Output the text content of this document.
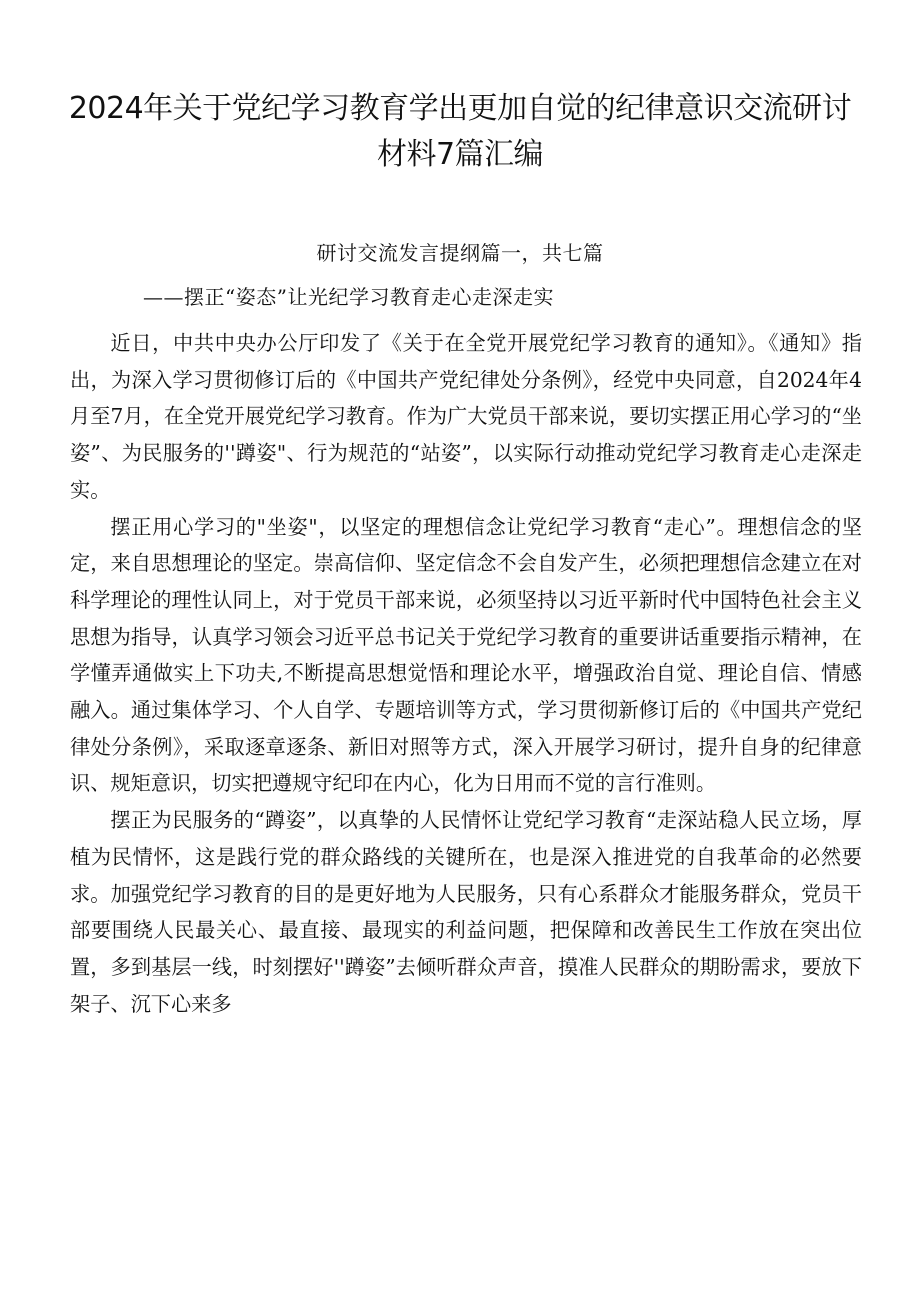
2024年关于党纪学习教育学出更加自觉的纪律意识交流研讨材料7篇汇编
研讨交流发言提纲篇一，共七篇
——摆正“姿态”让光纪学习教育走心走深走实

近日，中共中央办公厅印发了《关于在全党开展党纪学习教育的通知》。《通知》指出，为深入学习贯彻修订后的《中国共产党纪律处分条例》，经党中央同意，自2024年4月至7月，在全党开展党纪学习教育。作为广大党员干部来说，要切实摆正用心学习的“坐姿”、为民服务的''蹲姿"、行为规范的“站姿”，以实际行动推动党纪学习教育走心走深走实。

摆正用心学习的"坐姿"，以坚定的理想信念让党纪学习教育“走心”。理想信念的坚定，来自思想理论的坚定。崇高信仰、坚定信念不会自发产生，必须把理想信念建立在对科学理论的理性认同上，对于党员干部来说，必须坚持以习近平新时代中国特色社会主义思想为指导，认真学习领会习近平总书记关于党纪学习教育的重要讲话重要指示精神，在学懂弄通做实上下功夫,不断提高思想觉悟和理论水平，增强政治自觉、理论自信、情感融入。通过集体学习、个人自学、专题培训等方式，学习贯彻新修订后的《中国共产党纪律处分条例》，采取逐章逐条、新旧对照等方式，深入开展学习研讨，提升自身的纪律意识、规矩意识，切实把遵规守纪印在内心，化为日用而不觉的言行准则。

摆正为民服务的“蹲姿”，以真挚的人民情怀让党纪学习教育“走深站稳人民立场，厚植为民情怀，这是践行党的群众路线的关键所在，也是深入推进党的自我革命的必然要求。加强党纪学习教育的目的是更好地为人民服务，只有心系群众才能服务群众，党员干部要围绕人民最关心、最直接、最现实的利益问题，把保障和改善民生工作放在突出位置，多到基层一线，时刻摆好''蹲姿”去倾听群众声音，摸准人民群众的期盼需求，要放下架子、沉下心来多
